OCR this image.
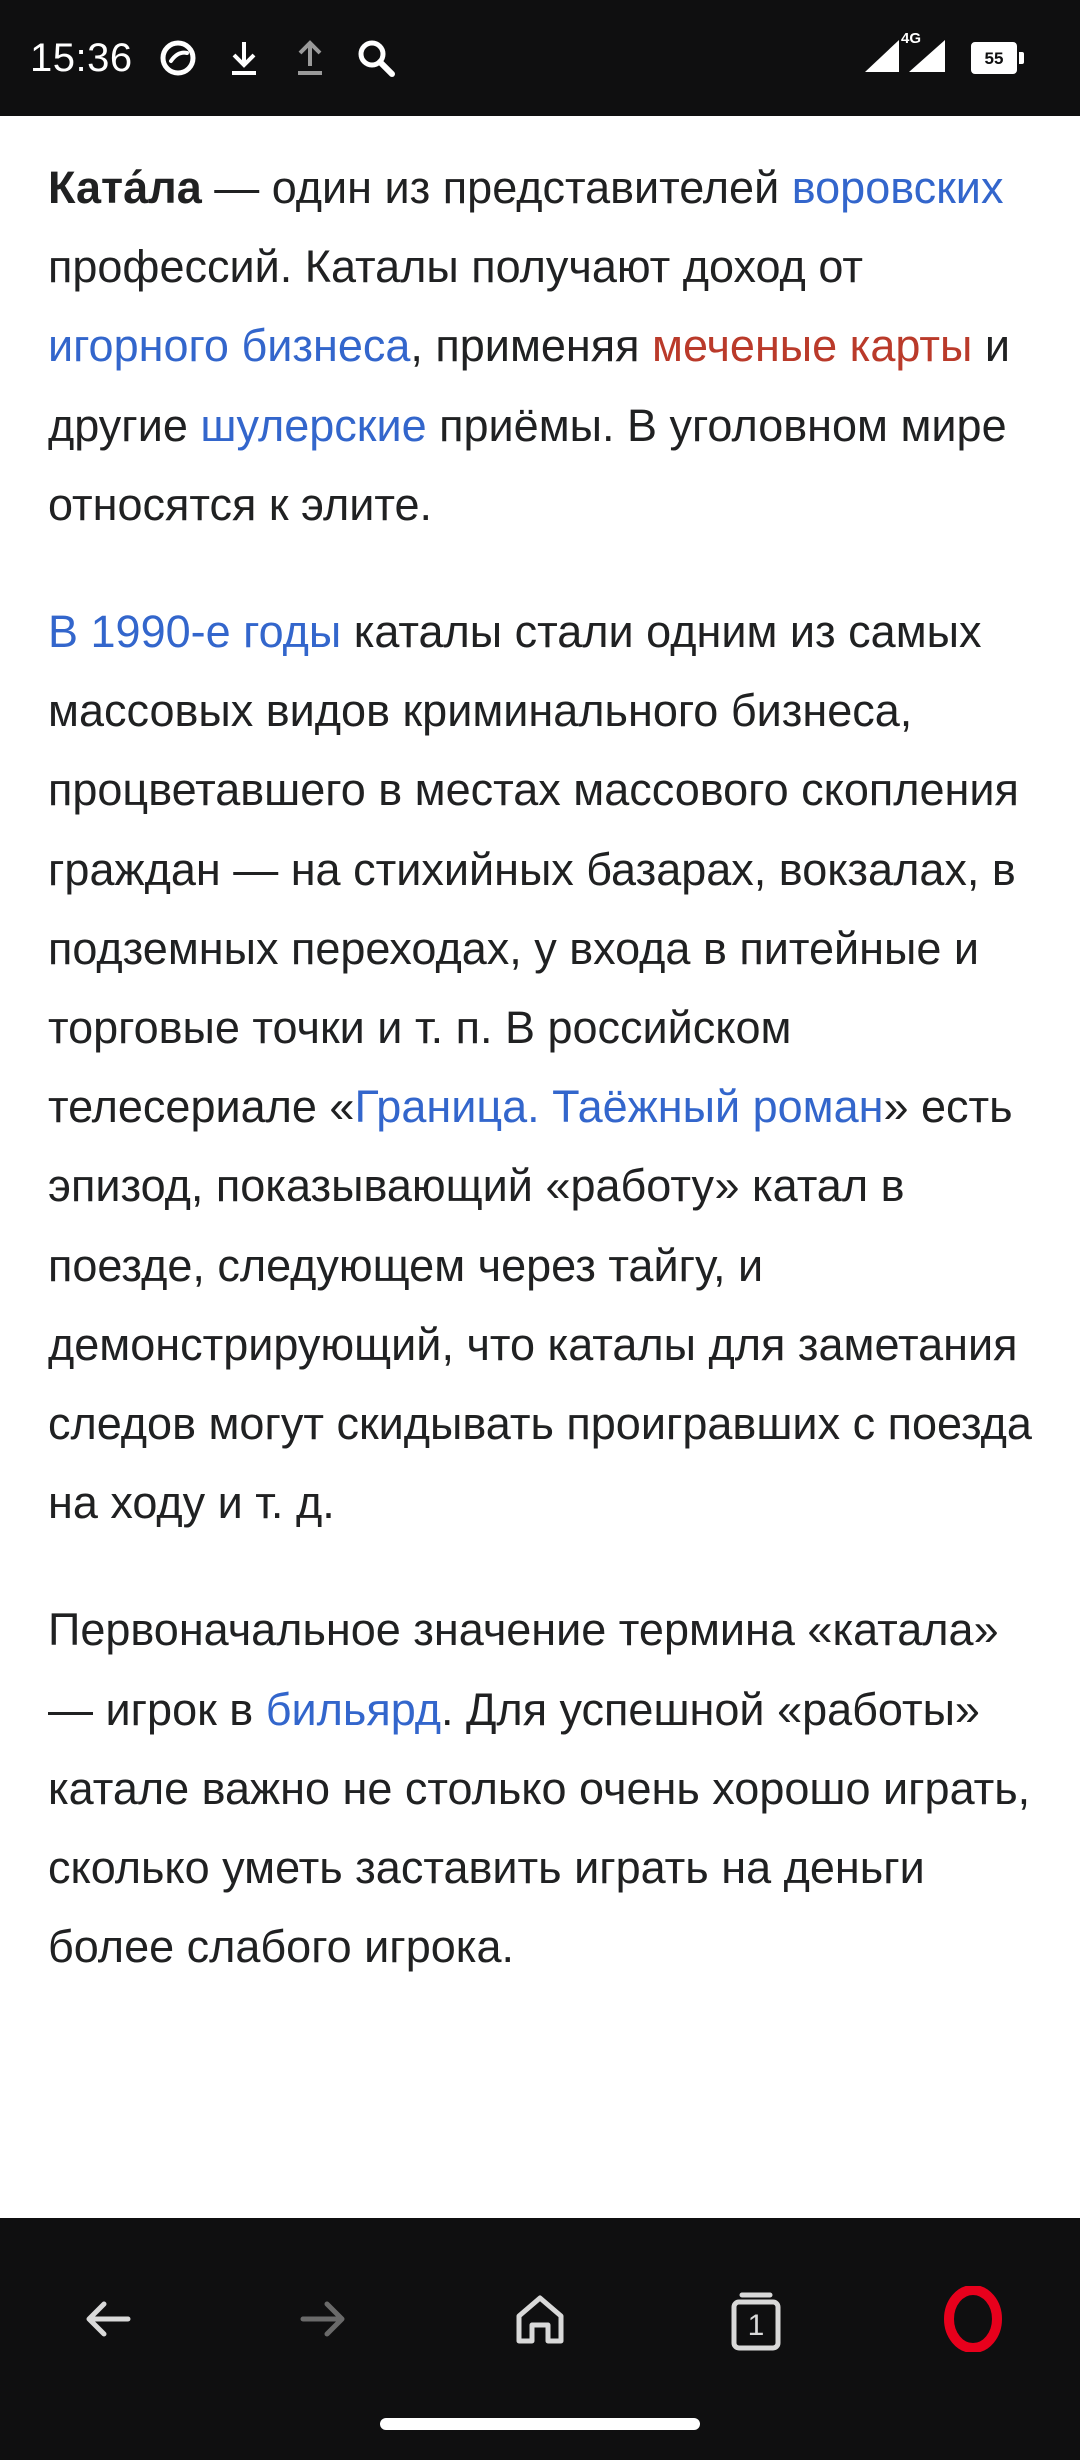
15:36	4G
55

Ката́ла — один из представителей воровских профессий. Каталы получают доход от игорного бизнеса, применяя меченые карты и другие шулерские приёмы. В уголовном мире относятся к элите.

В 1990-е годы каталы стали одним из самых массовых видов криминального бизнеса, процветавшего в местах массового скопления граждан — на стихийных базарах, вокзалах, в подземных переходах, у входа в питейные и торговые точки и т. п. В российском телесериале «Граница. Таёжный роман» есть эпизод, показывающий «работу» катал в поезде, следующем через тайгу, и демонстрирующий, что каталы для заметания следов могут скидывать проигравших с поезда на ходу и т. д.

Первоначальное значение термина «катала» — игрок в бильярд. Для успешной «работы» катале важно не столько очень хорошо играть, сколько уметь заставить играть на деньги более слабого игрока.

1
